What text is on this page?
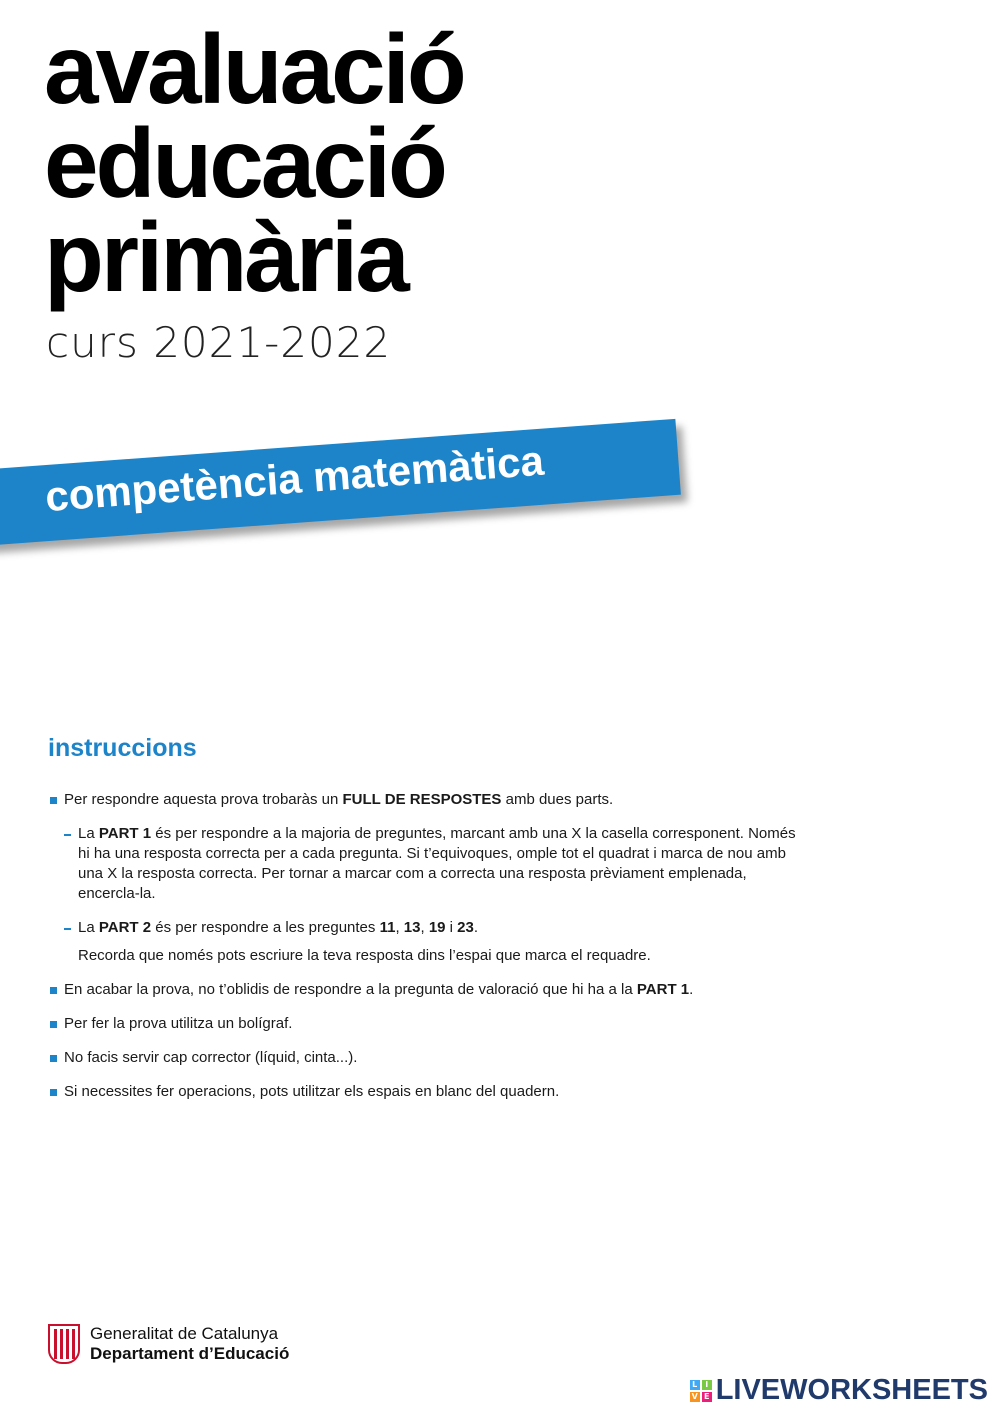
avaluació
educació
primària
curs 2021-2022
competència matemàtica
instruccions
Per respondre aquesta prova trobaràs un FULL DE RESPOSTES amb dues parts.
La PART 1 és per respondre a la majoria de preguntes, marcant amb una X la casella corresponent. Només hi ha una resposta correcta per a cada pregunta. Si t’equivoques, omple tot el quadrat i marca de nou amb una X la resposta correcta. Per tornar a marcar com a correcta una resposta prèviament emplenada, encercla-la.
La PART 2 és per respondre a les preguntes 11, 13, 19 i 23.
Recorda que només pots escriure la teva resposta dins l’espai que marca el requadre.
En acabar la prova, no t’oblidis de respondre a la pregunta de valoració que hi ha a la PART 1.
Per fer la prova utilitza un bolígraf.
No facis servir cap corrector (líquid, cinta...).
Si necessites fer operacions, pots utilitzar els espais en blanc del quadern.
Generalitat de Catalunya
Departament d’Educació
L I
V E LIVEWORKSHEETS
